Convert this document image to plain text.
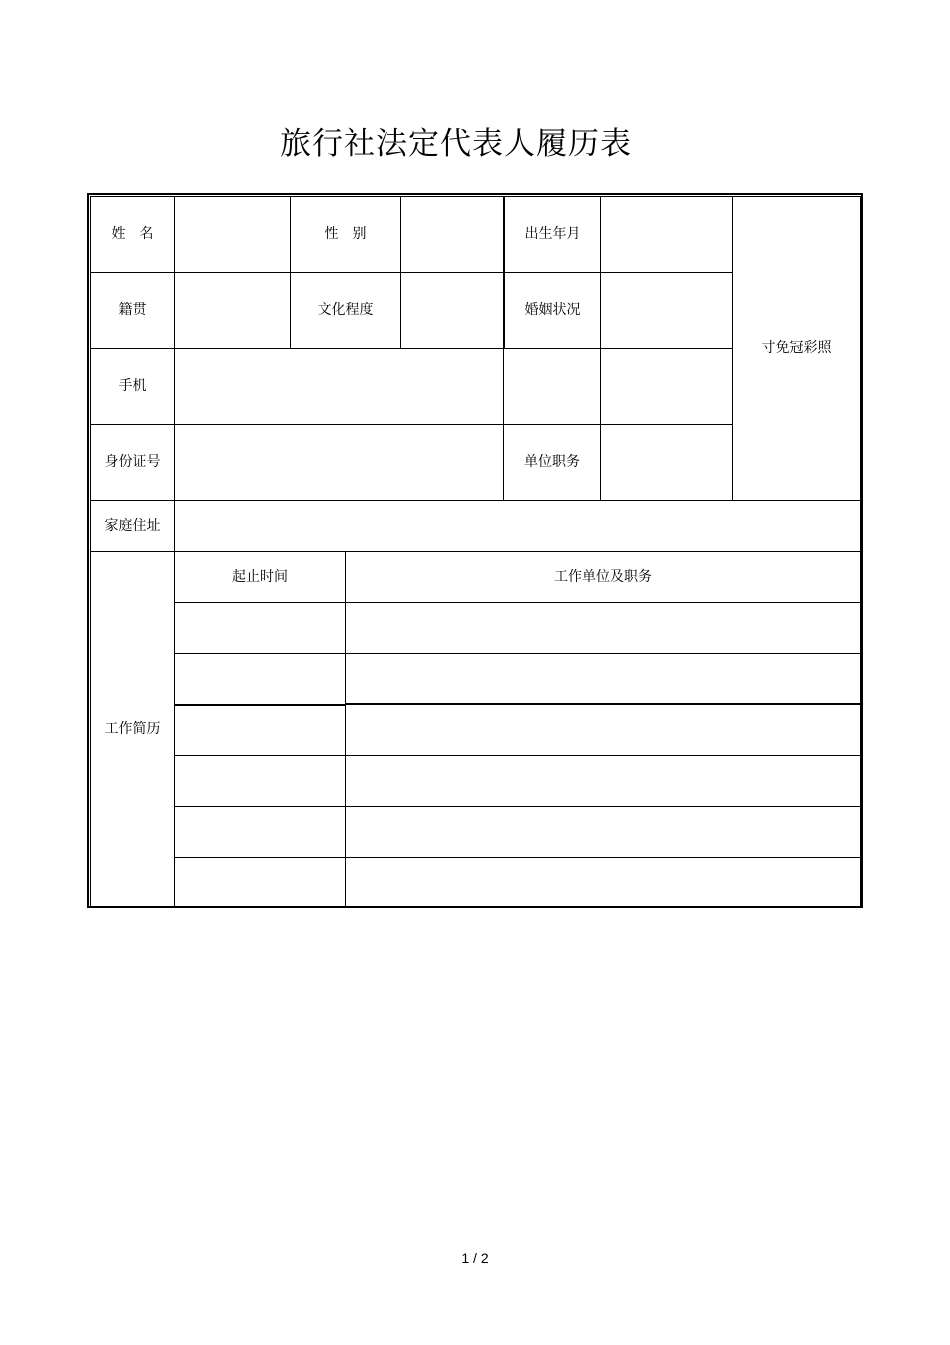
旅行社法定代表人履历表
姓　名	性　别	出生年月
寸免冠彩照
籍贯	文化程度	婚姻状况
手机
身份证号	单位职务
家庭住址
工作简历
起止时间	工作单位及职务
1 / 2
